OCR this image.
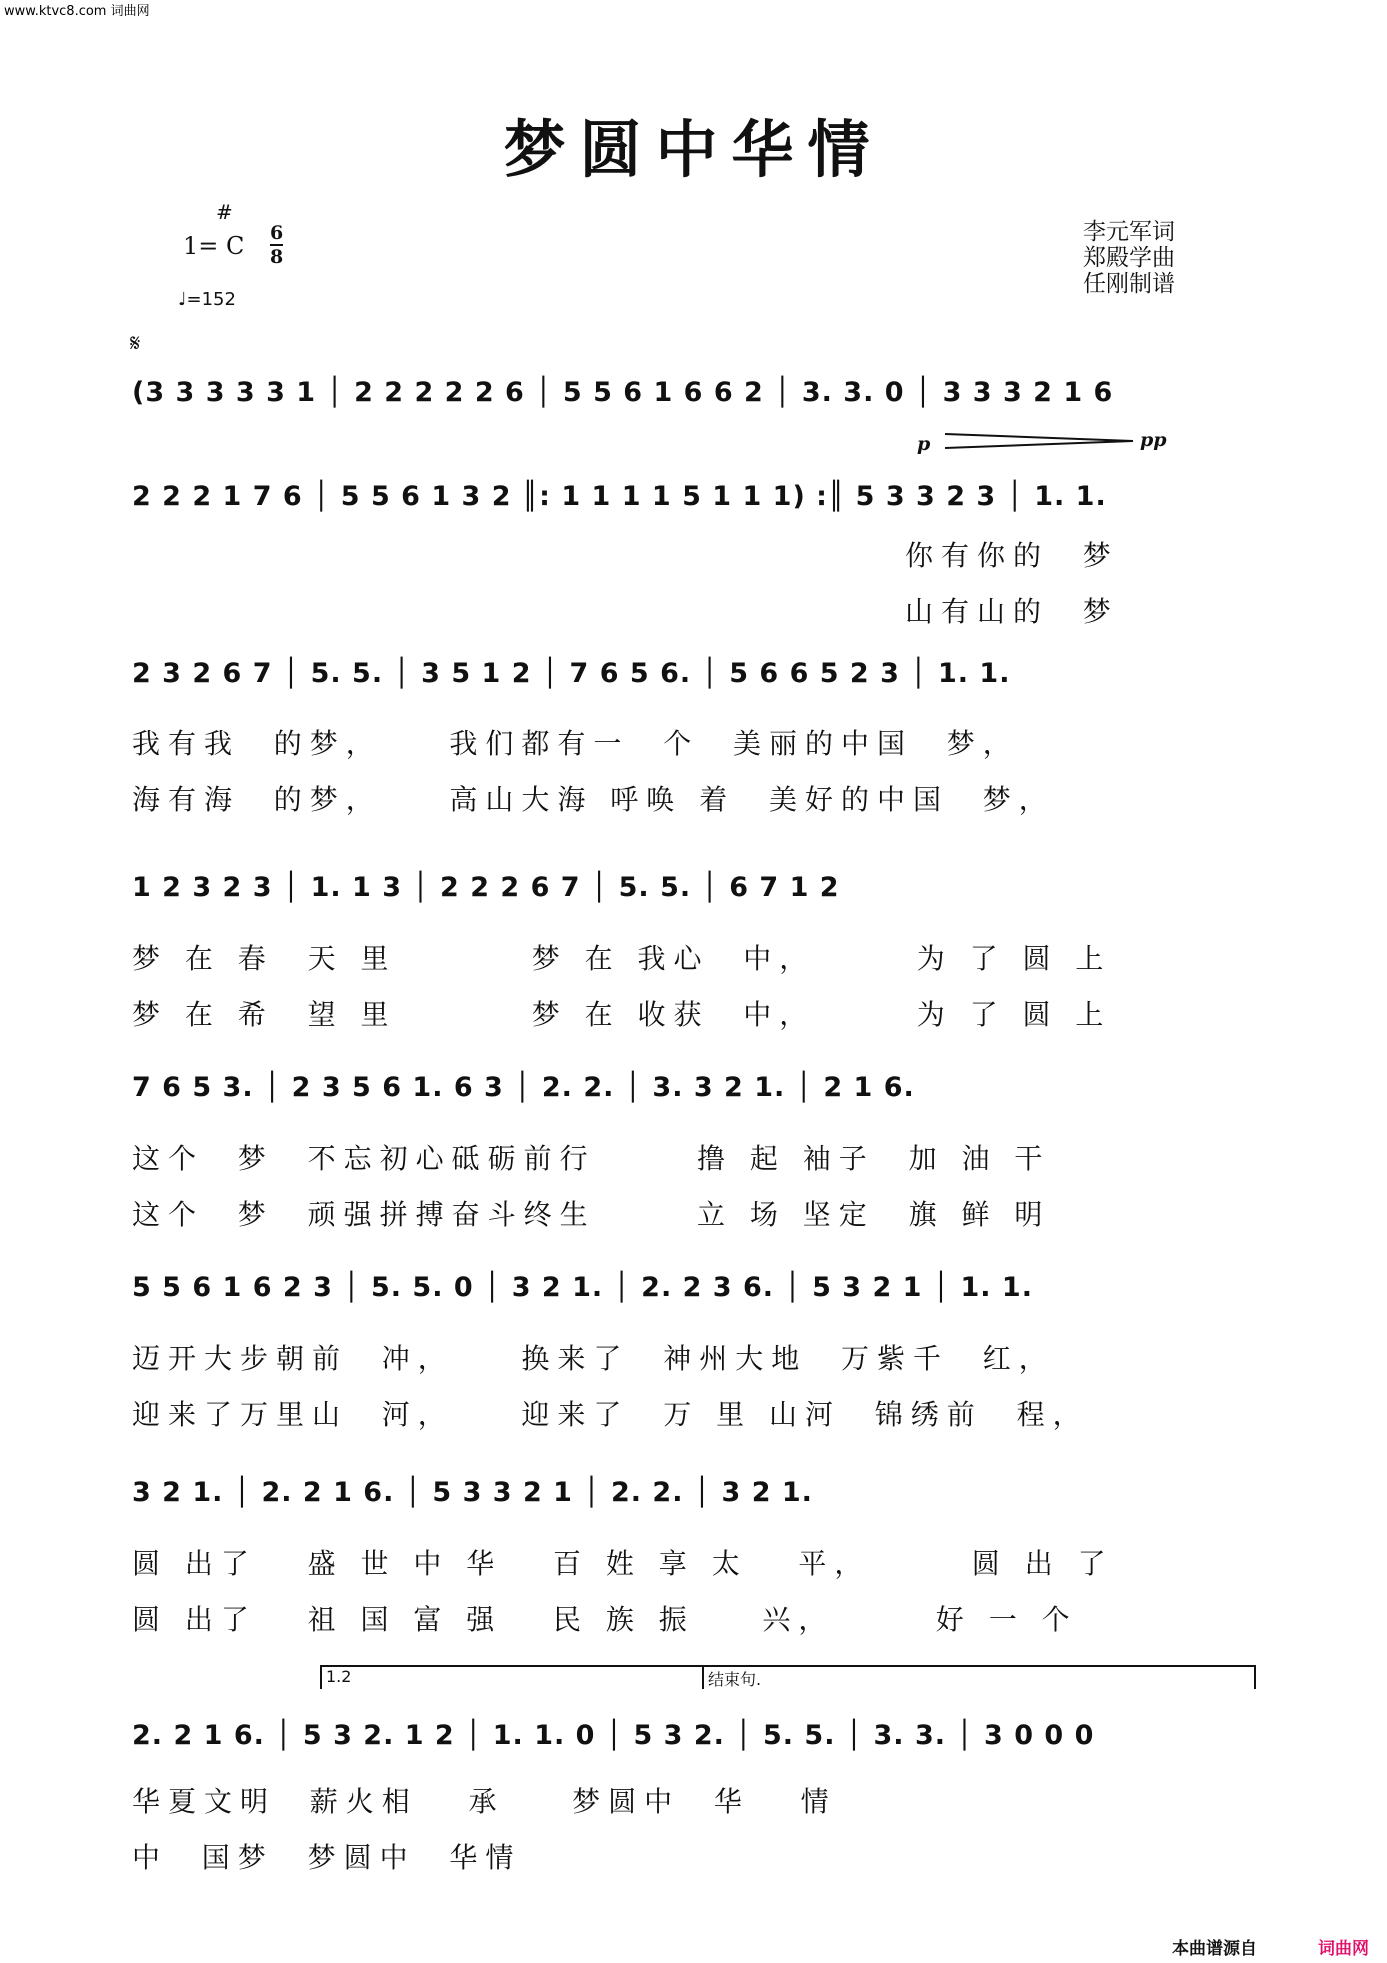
www.ktvc8.com 词曲网
梦圆中华情
#
1= C $\frac{6}{8}$
♩=152
李元军词
郑殿学曲
任刚制谱
𝄋
p	pp
(3 3 3 3 3 1 │ 2 2 2 2 2 6 │ 5 5 6 1 6 6 2 │ 3. 3. 0 │ 3 3 3 2 1 6
2 2 2 1 7 6 │ 5 5 6 1 3 2 ║: 1 1 1 1 5 1 1 1) :║ 5 3 3 2 3 │ 1. 1.
你有你的  梦
山有山的  梦
2 3 2 6 7 │ 5. 5. │ 3 5 1 2 │ 7 6 5 6. │ 5 6 6 5 2 3 │ 1. 1.
我有我  的梦，    我们都有一  个  美丽的中国  梦，
海有海  的梦，    高山大海 呼唤 着  美好的中国  梦，
1 2 3 2 3 │ 1. 1 3 │ 2 2 2 6 7 │ 5. 5. │ 6 7 1 2
梦 在 春  天 里        梦 在 我心  中，      为 了 圆 上
梦 在 希  望 里        梦 在 收获  中，      为 了 圆 上
7 6 5 3. │ 2 3 5 6 1. 6 3 │ 2. 2. │ 3. 3 2 1. │ 2 1 6.
这个  梦  不忘初心砥砺前行      撸 起 袖子  加 油 干
这个  梦  顽强拼搏奋斗终生      立 场 坚定  旗 鲜 明
5 5 6 1 6 2 3 │ 5. 5. 0 │ 3 2 1. │ 2. 2 3 6. │ 5 3 2 1 │ 1. 1.
迈开大步朝前  冲，    换来了  神州大地  万紫千  红，
迎来了万里山  河，    迎来了  万 里 山河  锦绣前  程，
3 2 1. │ 2. 2 1 6. │ 5 3 3 2 1 │ 2. 2. │ 3 2 1.
圆 出了   盛 世 中 华   百 姓 享 太   平，      圆 出 了
圆 出了   祖 国 富 强   民 族 振    兴，      好 一 个
1.2	结束句.
2. 2 1 6. │ 5 3 2. 1 2 │ 1. 1. 0 │ 5 3 2. │ 5. 5. │ 3. 3. │ 3 0 0 0
华夏文明  薪火相   承    梦圆中  华   情
中  国梦  梦圆中  华情
本曲谱源自	词曲网
